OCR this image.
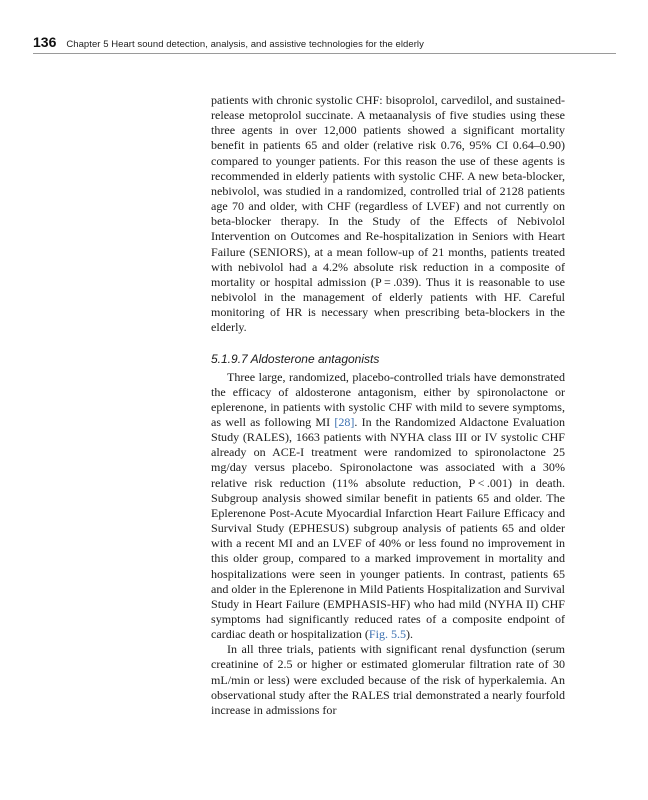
136 Chapter 5 Heart sound detection, analysis, and assistive technologies for the elderly

patients with chronic systolic CHF: bisoprolol, carvedilol, and sustained-release metoprolol succinate. A metaanalysis of five studies using these three agents in over 12,000 patients showed a significant mortality benefit in patients 65 and older (relative risk 0.76, 95% CI 0.64–0.90) compared to younger patients. For this reason the use of these agents is recommended in elderly patients with systolic CHF. A new beta-blocker, nebivolol, was studied in a randomized, controlled trial of 2128 patients age 70 and older, with CHF (regardless of LVEF) and not currently on beta-blocker therapy. In the Study of the Effects of Nebivolol Intervention on Outcomes and Re-hospitalization in Seniors with Heart Failure (SENIORS), at a mean follow-up of 21 months, patients treated with nebivolol had a 4.2% absolute risk reduction in a composite of mortality or hospital admission (P = .039). Thus it is reasonable to use nebivolol in the management of elderly patients with HF. Careful monitoring of HR is necessary when prescribing beta-blockers in the elderly.

5.1.9.7 Aldosterone antagonists

Three large, randomized, placebo-controlled trials have demonstrated the efficacy of aldosterone antagonism, either by spironolactone or eplerenone, in patients with systolic CHF with mild to severe symptoms, as well as following MI [28]. In the Randomized Aldactone Evaluation Study (RALES), 1663 patients with NYHA class III or IV systolic CHF already on ACE-I treatment were randomized to spironolactone 25 mg/day versus placebo. Spironolactone was associated with a 30% relative risk reduction (11% absolute reduction, P < .001) in death. Subgroup analysis showed similar benefit in patients 65 and older. The Eplerenone Post-Acute Myocardial Infarction Heart Failure Efficacy and Survival Study (EPHESUS) subgroup analysis of patients 65 and older with a recent MI and an LVEF of 40% or less found no improvement in this older group, compared to a marked improvement in mortality and hospitalizations were seen in younger patients. In contrast, patients 65 and older in the Eplerenone in Mild Patients Hospitalization and Survival Study in Heart Failure (EMPHASIS-HF) who had mild (NYHA II) CHF symptoms had significantly reduced rates of a composite endpoint of cardiac death or hospitalization (Fig. 5.5).

In all three trials, patients with significant renal dysfunction (serum creatinine of 2.5 or higher or estimated glomerular filtration rate of 30 mL/min or less) were excluded because of the risk of hyperkalemia. An observational study after the RALES trial demonstrated a nearly fourfold increase in admissions for
